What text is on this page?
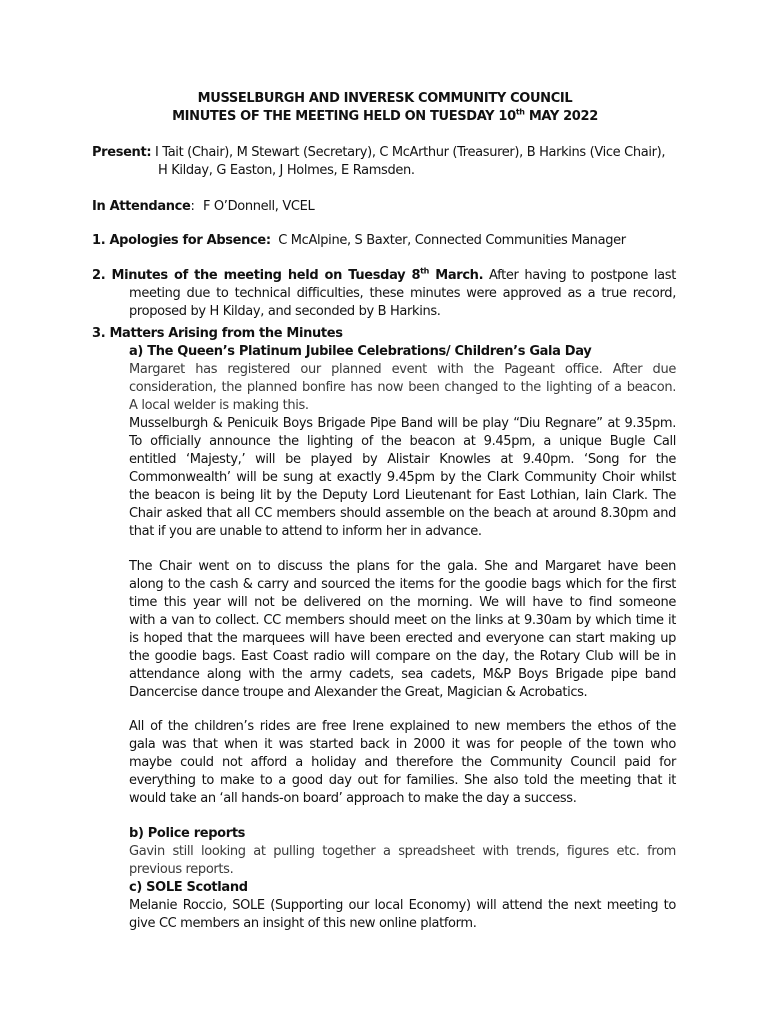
MUSSELBURGH AND INVERESK COMMUNITY COUNCIL
MINUTES OF THE MEETING HELD ON TUESDAY 10th MAY 2022
Present: I Tait (Chair), M Stewart (Secretary), C McArthur (Treasurer), B Harkins (Vice Chair),
H Kilday, G Easton, J Holmes, E Ramsden.
In Attendance: F O’Donnell, VCEL
1. Apologies for Absence: C McAlpine, S Baxter, Connected Communities Manager
2. Minutes of the meeting held on Tuesday 8th March. After having to postpone last
meeting due to technical difficulties, these minutes were approved as a true record,
proposed by H Kilday, and seconded by B Harkins.
3. Matters Arising from the Minutes
a) The Queen’s Platinum Jubilee Celebrations/ Children’s Gala Day
Margaret has registered our planned event with the Pageant office. After due
consideration, the planned bonfire has now been changed to the lighting of a beacon.
A local welder is making this.
Musselburgh & Penicuik Boys Brigade Pipe Band will be play “Diu Regnare” at 9.35pm.
To officially announce the lighting of the beacon at 9.45pm, a unique Bugle Call
entitled ‘Majesty,’ will be played by Alistair Knowles at 9.40pm. ‘Song for the
Commonwealth’ will be sung at exactly 9.45pm by the Clark Community Choir whilst
the beacon is being lit by the Deputy Lord Lieutenant for East Lothian, Iain Clark. The
Chair asked that all CC members should assemble on the beach at around 8.30pm and
that if you are unable to attend to inform her in advance.
The Chair went on to discuss the plans for the gala. She and Margaret have been
along to the cash & carry and sourced the items for the goodie bags which for the first
time this year will not be delivered on the morning. We will have to find someone
with a van to collect. CC members should meet on the links at 9.30am by which time it
is hoped that the marquees will have been erected and everyone can start making up
the goodie bags. East Coast radio will compare on the day, the Rotary Club will be in
attendance along with the army cadets, sea cadets, M&P Boys Brigade pipe band
Dancercise dance troupe and Alexander the Great, Magician & Acrobatics.
All of the children’s rides are free Irene explained to new members the ethos of the
gala was that when it was started back in 2000 it was for people of the town who
maybe could not afford a holiday and therefore the Community Council paid for
everything to make to a good day out for families. She also told the meeting that it
would take an ‘all hands-on board’ approach to make the day a success.
b) Police reports
Gavin still looking at pulling together a spreadsheet with trends, figures etc. from
previous reports.
c) SOLE Scotland
Melanie Roccio, SOLE (Supporting our local Economy) will attend the next meeting to
give CC members an insight of this new online platform.
